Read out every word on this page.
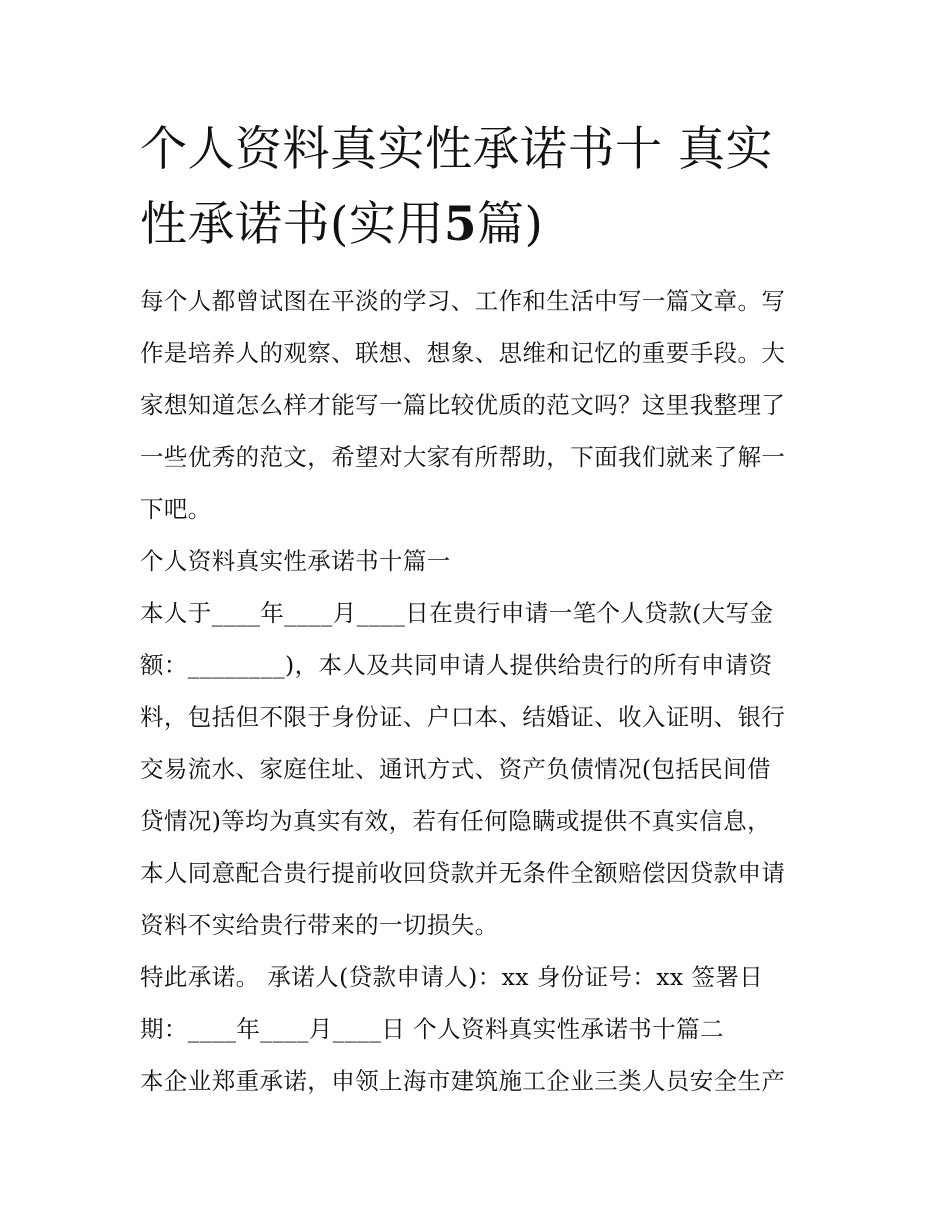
个人资料真实性承诺书十 真实
性承诺书(实用5篇)

每个人都曾试图在平淡的学习、工作和生活中写一篇文章。写
作是培养人的观察、联想、想象、思维和记忆的重要手段。大
家想知道怎么样才能写一篇比较优质的范文吗？这里我整理了
一些优秀的范文，希望对大家有所帮助，下面我们就来了解一
下吧。

个人资料真实性承诺书十篇一

本人于____年____月____日在贵行申请一笔个人贷款(大写金
额：________)，本人及共同申请人提供给贵行的所有申请资
料，包括但不限于身份证、户口本、结婚证、收入证明、银行
交易流水、家庭住址、通讯方式、资产负债情况(包括民间借
贷情况)等均为真实有效，若有任何隐瞒或提供不真实信息，
本人同意配合贵行提前收回贷款并无条件全额赔偿因贷款申请
资料不实给贵行带来的一切损失。

特此承诺。 承诺人(贷款申请人)：xx 身份证号：xx 签署日
期：____年____月____日 个人资料真实性承诺书十篇二

本企业郑重承诺，申领上海市建筑施工企业三类人员安全生产
